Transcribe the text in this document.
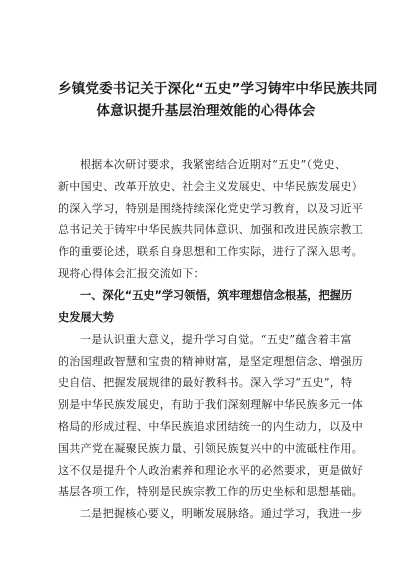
乡镇党委书记关于深化“五史”学习铸牢中华民族共同
体意识提升基层治理效能的心得体会

根据本次研讨要求，我紧密结合近期对“五史”（党史、
新中国史、改革开放史、社会主义发展史、中华民族发展史）
的深入学习，特别是围绕持续深化党史学习教育，以及习近平
总书记关于铸牢中华民族共同体意识、加强和改进民族宗教工
作的重要论述，联系自身思想和工作实际，进行了深入思考。
现将心得体会汇报交流如下：

一、深化“五史”学习领悟，筑牢理想信念根基，把握历
史发展大势

一是认识重大意义，提升学习自觉。“五史”蕴含着丰富
的治国理政智慧和宝贵的精神财富，是坚定理想信念、增强历
史自信、把握发展规律的最好教科书。深入学习“五史”，特
别是中华民族发展史，有助于我们深刻理解中华民族多元一体
格局的形成过程、中华民族追求团结统一的内生动力，以及中
国共产党在凝聚民族力量、引领民族复兴中的中流砥柱作用。
这不仅是提升个人政治素养和理论水平的必然要求，更是做好
基层各项工作，特别是民族宗教工作的历史坐标和思想基础。

二是把握核心要义，明晰发展脉络。通过学习，我进一步
